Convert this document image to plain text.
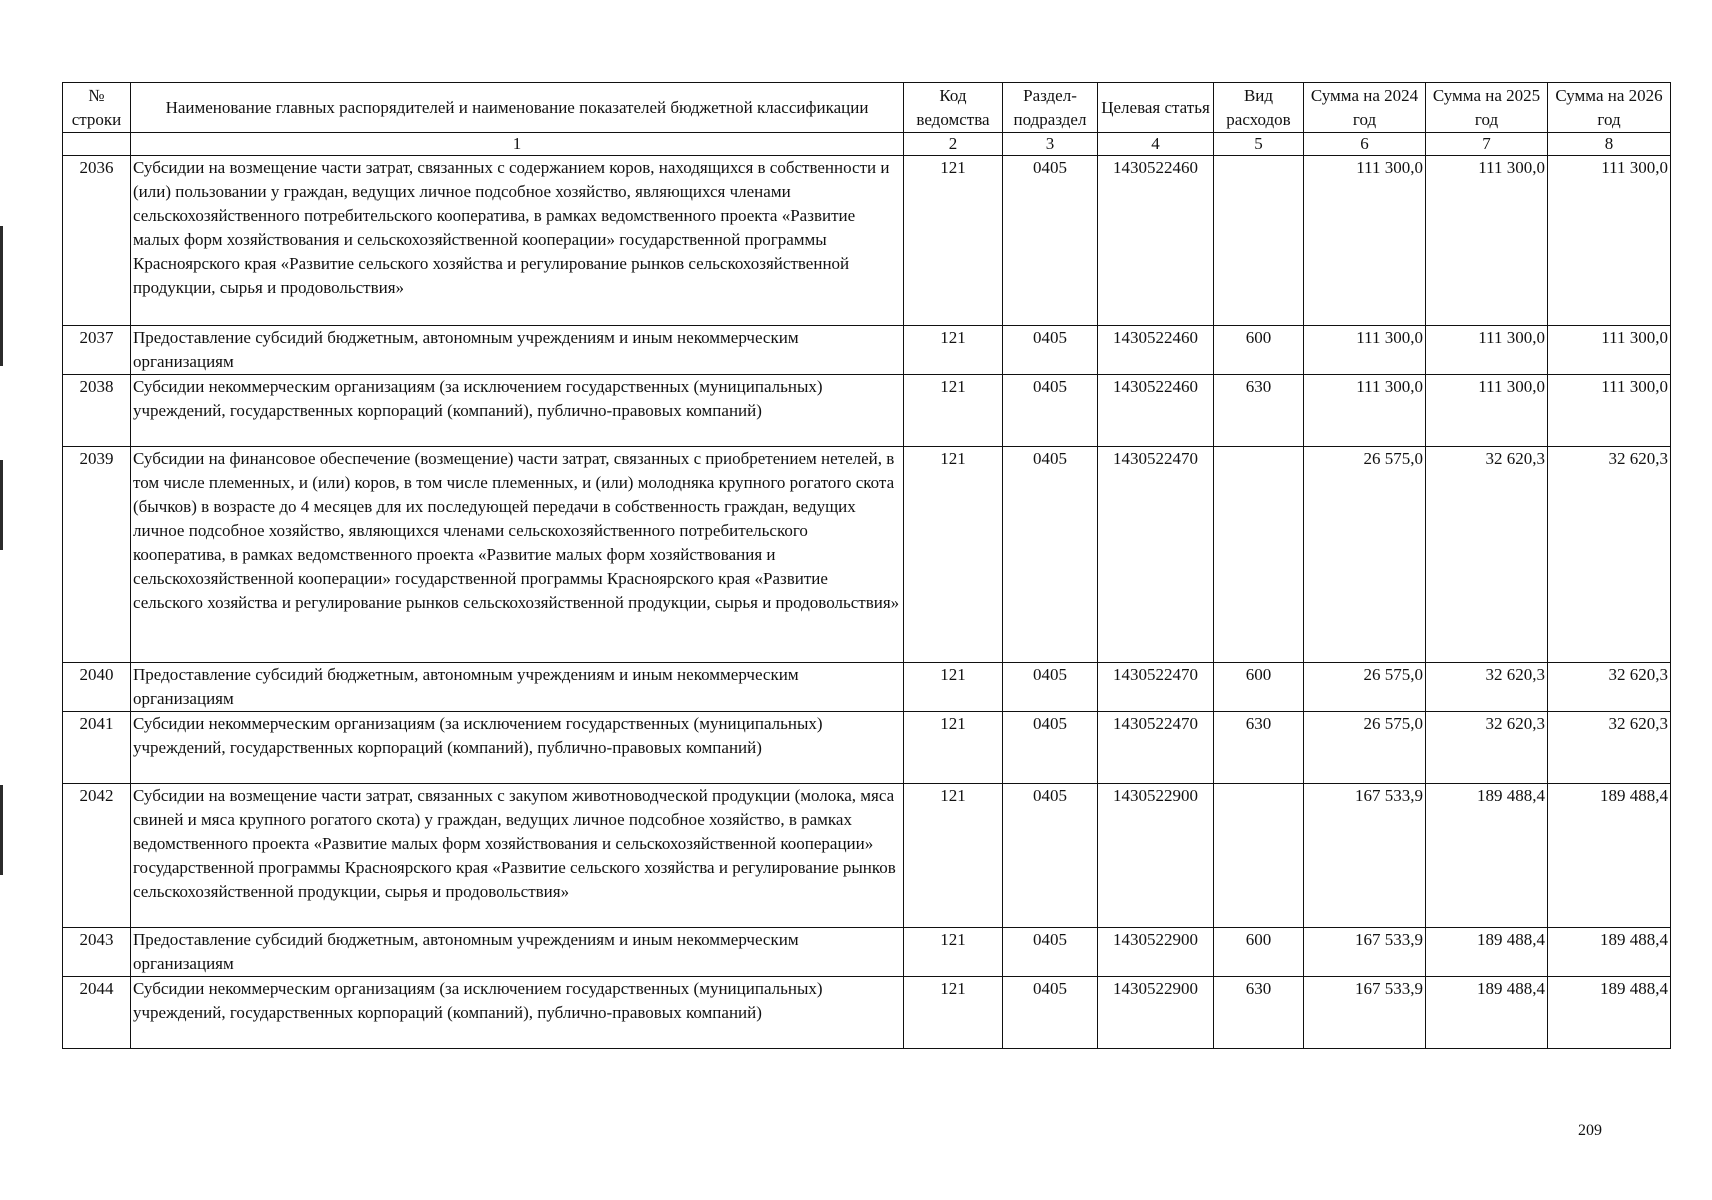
№ строки	Наименование главных распорядителей и наименование показателей бюджетной классификации	Код ведомства	Раздел-подраздел	Целевая статья	Вид расходов	Сумма на 2024 год	Сумма на 2025 год	Сумма на 2026 год
	1	2	3	4	5	6	7	8
2036	Субсидии на возмещение части затрат, связанных с содержанием коров, находящихся в собственности и (или) пользовании у граждан, ведущих личное подсобное хозяйство, являющихся членами сельскохозяйственного потребительского кооператива, в рамках ведомственного проекта «Развитие малых форм хозяйствования и сельскохозяйственной кооперации» государственной программы Красноярского края «Развитие сельского хозяйства и регулирование рынков сельскохозяйственной продукции, сырья и продовольствия»	121	0405	1430522460		111 300,0	111 300,0	111 300,0
2037	Предоставление субсидий бюджетным, автономным учреждениям и иным некоммерческим организациям	121	0405	1430522460	600	111 300,0	111 300,0	111 300,0
2038	Субсидии некоммерческим организациям (за исключением государственных (муниципальных) учреждений, государственных корпораций (компаний), публично-правовых компаний)	121	0405	1430522460	630	111 300,0	111 300,0	111 300,0
2039	Субсидии на финансовое обеспечение (возмещение) части затрат, связанных с приобретением нетелей, в том числе племенных, и (или) коров, в том числе племенных, и (или) молодняка крупного рогатого скота (бычков) в возрасте до 4 месяцев для их последующей передачи в собственность граждан, ведущих личное подсобное хозяйство, являющихся членами сельскохозяйственного потребительского кооператива, в рамках ведомственного проекта «Развитие малых форм хозяйствования и сельскохозяйственной кооперации» государственной программы Красноярского края «Развитие сельского хозяйства и регулирование рынков сельскохозяйственной продукции, сырья и продовольствия»	121	0405	1430522470		26 575,0	32 620,3	32 620,3
2040	Предоставление субсидий бюджетным, автономным учреждениям и иным некоммерческим организациям	121	0405	1430522470	600	26 575,0	32 620,3	32 620,3
2041	Субсидии некоммерческим организациям (за исключением государственных (муниципальных) учреждений, государственных корпораций (компаний), публично-правовых компаний)	121	0405	1430522470	630	26 575,0	32 620,3	32 620,3
2042	Субсидии на возмещение части затрат, связанных с закупом животноводческой продукции (молока, мяса свиней и мяса крупного рогатого скота) у граждан, ведущих личное подсобное хозяйство, в рамках ведомственного проекта «Развитие малых форм хозяйствования и сельскохозяйственной кооперации» государственной программы Красноярского края «Развитие сельского хозяйства и регулирование рынков сельскохозяйственной продукции, сырья и продовольствия»	121	0405	1430522900		167 533,9	189 488,4	189 488,4
2043	Предоставление субсидий бюджетным, автономным учреждениям и иным некоммерческим организациям	121	0405	1430522900	600	167 533,9	189 488,4	189 488,4
2044	Субсидии некоммерческим организациям (за исключением государственных (муниципальных) учреждений, государственных корпораций (компаний), публично-правовых компаний)	121	0405	1430522900	630	167 533,9	189 488,4	189 488,4
209
